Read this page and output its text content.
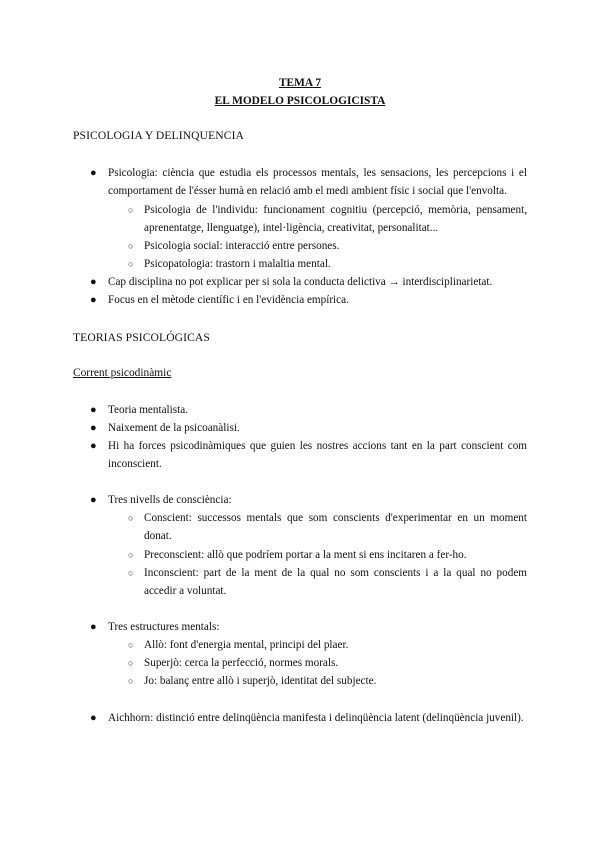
TEMA 7
EL MODELO PSICOLOGICISTA
PSICOLOGIA Y DELINQUENCIA
● Psicologia: ciència que estudia els processos mentals, les sensacions, les percepcions i el comportament de l'ésser humà en relació amb el medi ambient físic i social que l'envolta.
○ Psicologia de l'individu: funcionament cognitiu (percepció, memòria, pensament, aprenentatge, llenguatge), intel·ligència, creativitat, personalitat...
○ Psicologia social: interacció entre persones.
○ Psicopatologia: trastorn i malaltia mental.
● Cap disciplina no pot explicar per si sola la conducta delictiva → interdisciplinarietat.
● Focus en el mètode científic i en l'evidència empírica.
TEORIAS PSICOLÓGICAS
Corrent psicodinàmic
● Teoria mentalista.
● Naixement de la psicoanàlisi.
● Hi ha forces psicodinàmiques que guien les nostres accions tant en la part conscient com inconscient.
● Tres nivells de consciència:
○ Conscient: successos mentals que som conscients d'experimentar en un moment donat.
○ Preconscient: allò que podríem portar a la ment si ens incitaren a fer-ho.
○ Inconscient: part de la ment de la qual no som conscients i a la qual no podem accedir a voluntat.
● Tres estructures mentals:
○ Allò: font d'energia mental, principi del plaer.
○ Superjò: cerca la perfecció, normes morals.
○ Jo: balanç entre allò i superjò, identitat del subjecte.
● Aichhorn: distinció entre delinqüència manifesta i delinqüència latent (delinqüència juvenil).
